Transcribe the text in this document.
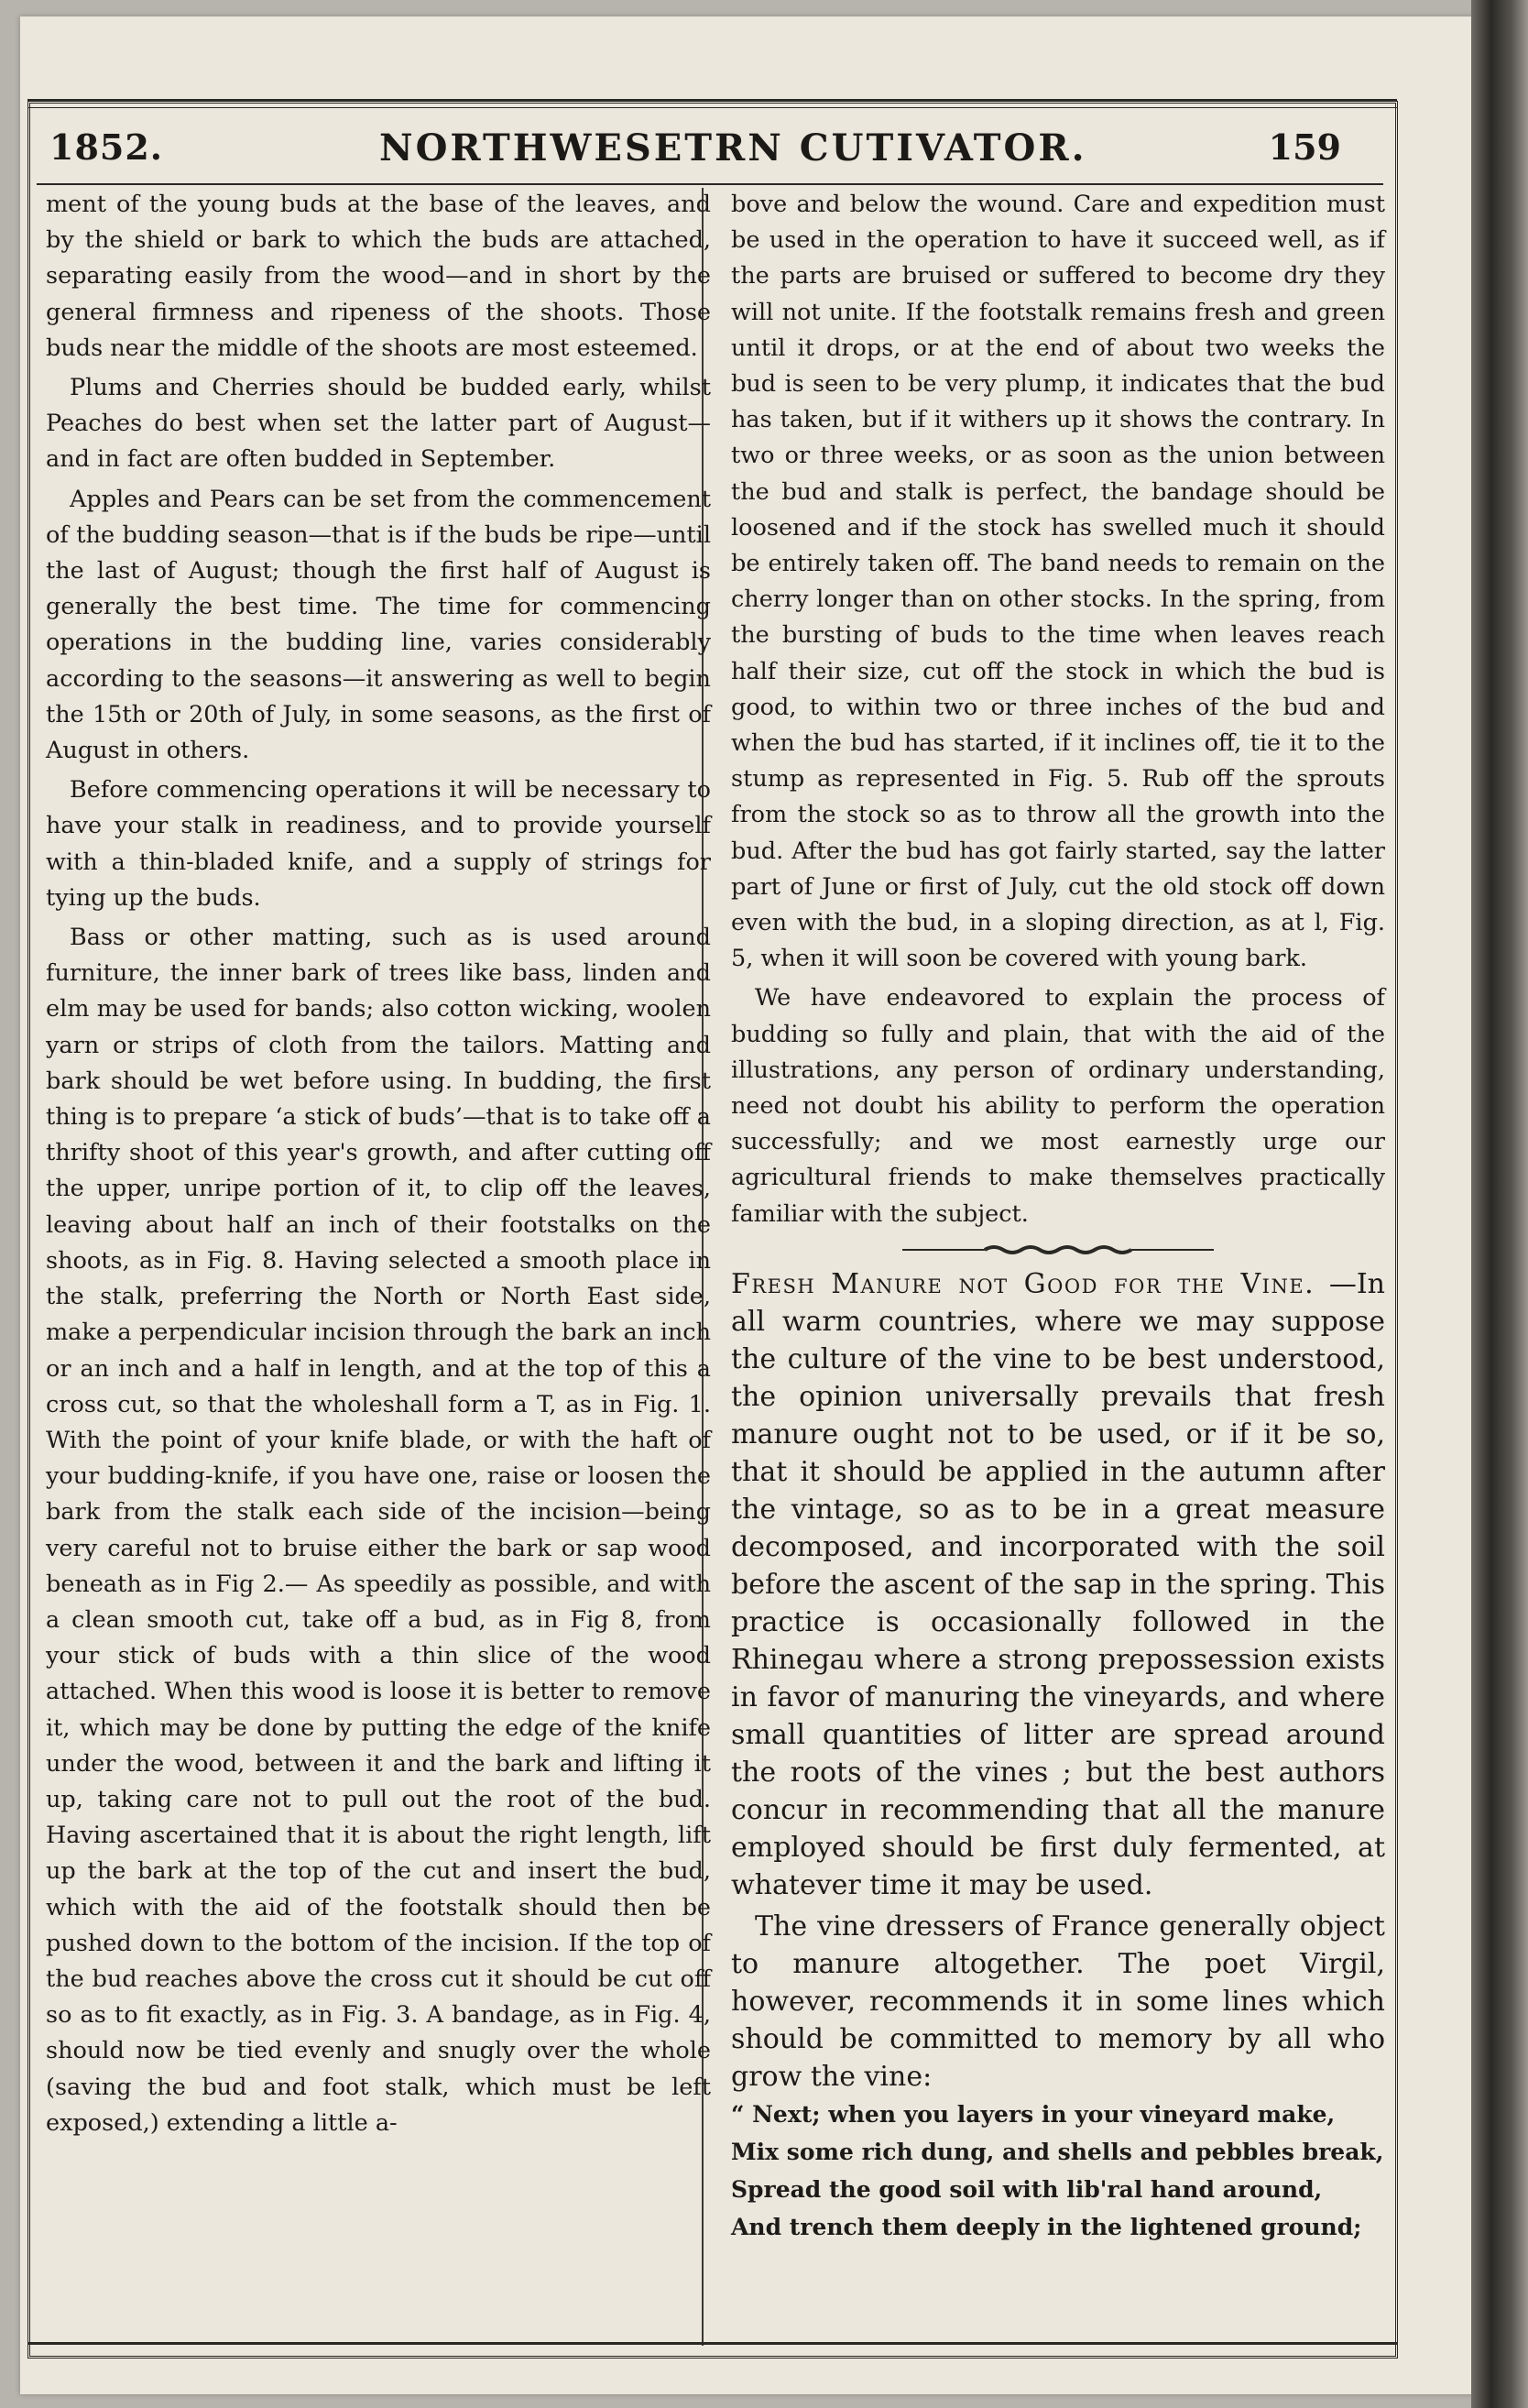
1852.	NORTHWESETRN CUTIVATOR.	159

ment of the young buds at the base of the leaves, and by the shield or bark to which the buds are attached, separating easily from the wood—and in short by the general firmness and ripeness of the shoots. Those buds near the middle of the shoots are most esteemed.

Plums and Cherries should be budded early, whilst Peaches do best when set the latter part of August—and in fact are often budded in September.

Apples and Pears can be set from the commencement of the budding season—that is if the buds be ripe—until the last of August; though the first half of August is generally the best time. The time for commencing operations in the budding line, varies considerably according to the seasons—it answering as well to begin the 15th or 20th of July, in some seasons, as the first of August in others.

Before commencing operations it will be necessary to have your stalk in readiness, and to provide yourself with a thin-bladed knife, and a supply of strings for tying up the buds.

Bass or other matting, such as is used around furniture, the inner bark of trees like bass, linden and elm may be used for bands; also cotton wicking, woolen yarn or strips of cloth from the tailors. Matting and bark should be wet before using. In budding, the first thing is to prepare ‘a stick of buds’—that is to take off a thrifty shoot of this year's growth, and after cutting off the upper, unripe portion of it, to clip off the leaves, leaving about half an inch of their footstalks on the shoots, as in Fig. 8. Having selected a smooth place in the stalk, preferring the North or North East side, make a perpendicular incision through the bark an inch or an inch and a half in length, and at the top of this a cross cut, so that the wholeshall form a T, as in Fig. 1. With the point of your knife blade, or with the haft of your budding-knife, if you have one, raise or loosen the bark from the stalk each side of the incision—being very careful not to bruise either the bark or sap wood beneath as in Fig 2.— As speedily as possible, and with a clean smooth cut, take off a bud, as in Fig 8, from your stick of buds with a thin slice of the wood attached. When this wood is loose it is better to remove it, which may be done by putting the edge of the knife under the wood, between it and the bark and lifting it up, taking care not to pull out the root of the bud. Having ascertained that it is about the right length, lift up the bark at the top of the cut and insert the bud, which with the aid of the footstalk should then be pushed down to the bottom of the incision. If the top of the bud reaches above the cross cut it should be cut off so as to fit exactly, as in Fig. 3. A bandage, as in Fig. 4, should now be tied evenly and snugly over the whole (saving the bud and foot stalk, which must be left exposed,) extending a little a-

bove and below the wound. Care and expedition must be used in the operation to have it succeed well, as if the parts are bruised or suffered to become dry they will not unite. If the footstalk remains fresh and green until it drops, or at the end of about two weeks the bud is seen to be very plump, it indicates that the bud has taken, but if it withers up it shows the contrary. In two or three weeks, or as soon as the union between the bud and stalk is perfect, the bandage should be loosened and if the stock has swelled much it should be entirely taken off. The band needs to remain on the cherry longer than on other stocks. In the spring, from the bursting of buds to the time when leaves reach half their size, cut off the stock in which the bud is good, to within two or three inches of the bud and when the bud has started, if it inclines off, tie it to the stump as represented in Fig. 5. Rub off the sprouts from the stock so as to throw all the growth into the bud. After the bud has got fairly started, say the latter part of June or first of July, cut the old stock off down even with the bud, in a sloping direction, as at l, Fig. 5, when it will soon be covered with young bark.

We have endeavored to explain the process of budding so fully and plain, that with the aid of the illustrations, any person of ordinary understanding, need not doubt his ability to perform the operation successfully; and we most earnestly urge our agricultural friends to make themselves practically familiar with the subject.

Fresh Manure not Good for the Vine. —In all warm countries, where we may suppose the culture of the vine to be best understood, the opinion universally prevails that fresh manure ought not to be used, or if it be so, that it should be applied in the autumn after the vintage, so as to be in a great measure decomposed, and incorporated with the soil before the ascent of the sap in the spring. This practice is occasionally followed in the Rhinegau where a strong prepossession exists in favor of manuring the vineyards, and where small quantities of litter are spread around the roots of the vines ; but the best authors concur in recommending that all the manure employed should be first duly fermented, at whatever time it may be used.

The vine dressers of France generally object to manure altogether. The poet Virgil, however, recommends it in some lines which should be committed to memory by all who grow the vine:

“ Next; when you layers in your vineyard make,

Mix some rich dung, and shells and pebbles break,

Spread the good soil with lib'ral hand around,

And trench them deeply in the lightened ground;
